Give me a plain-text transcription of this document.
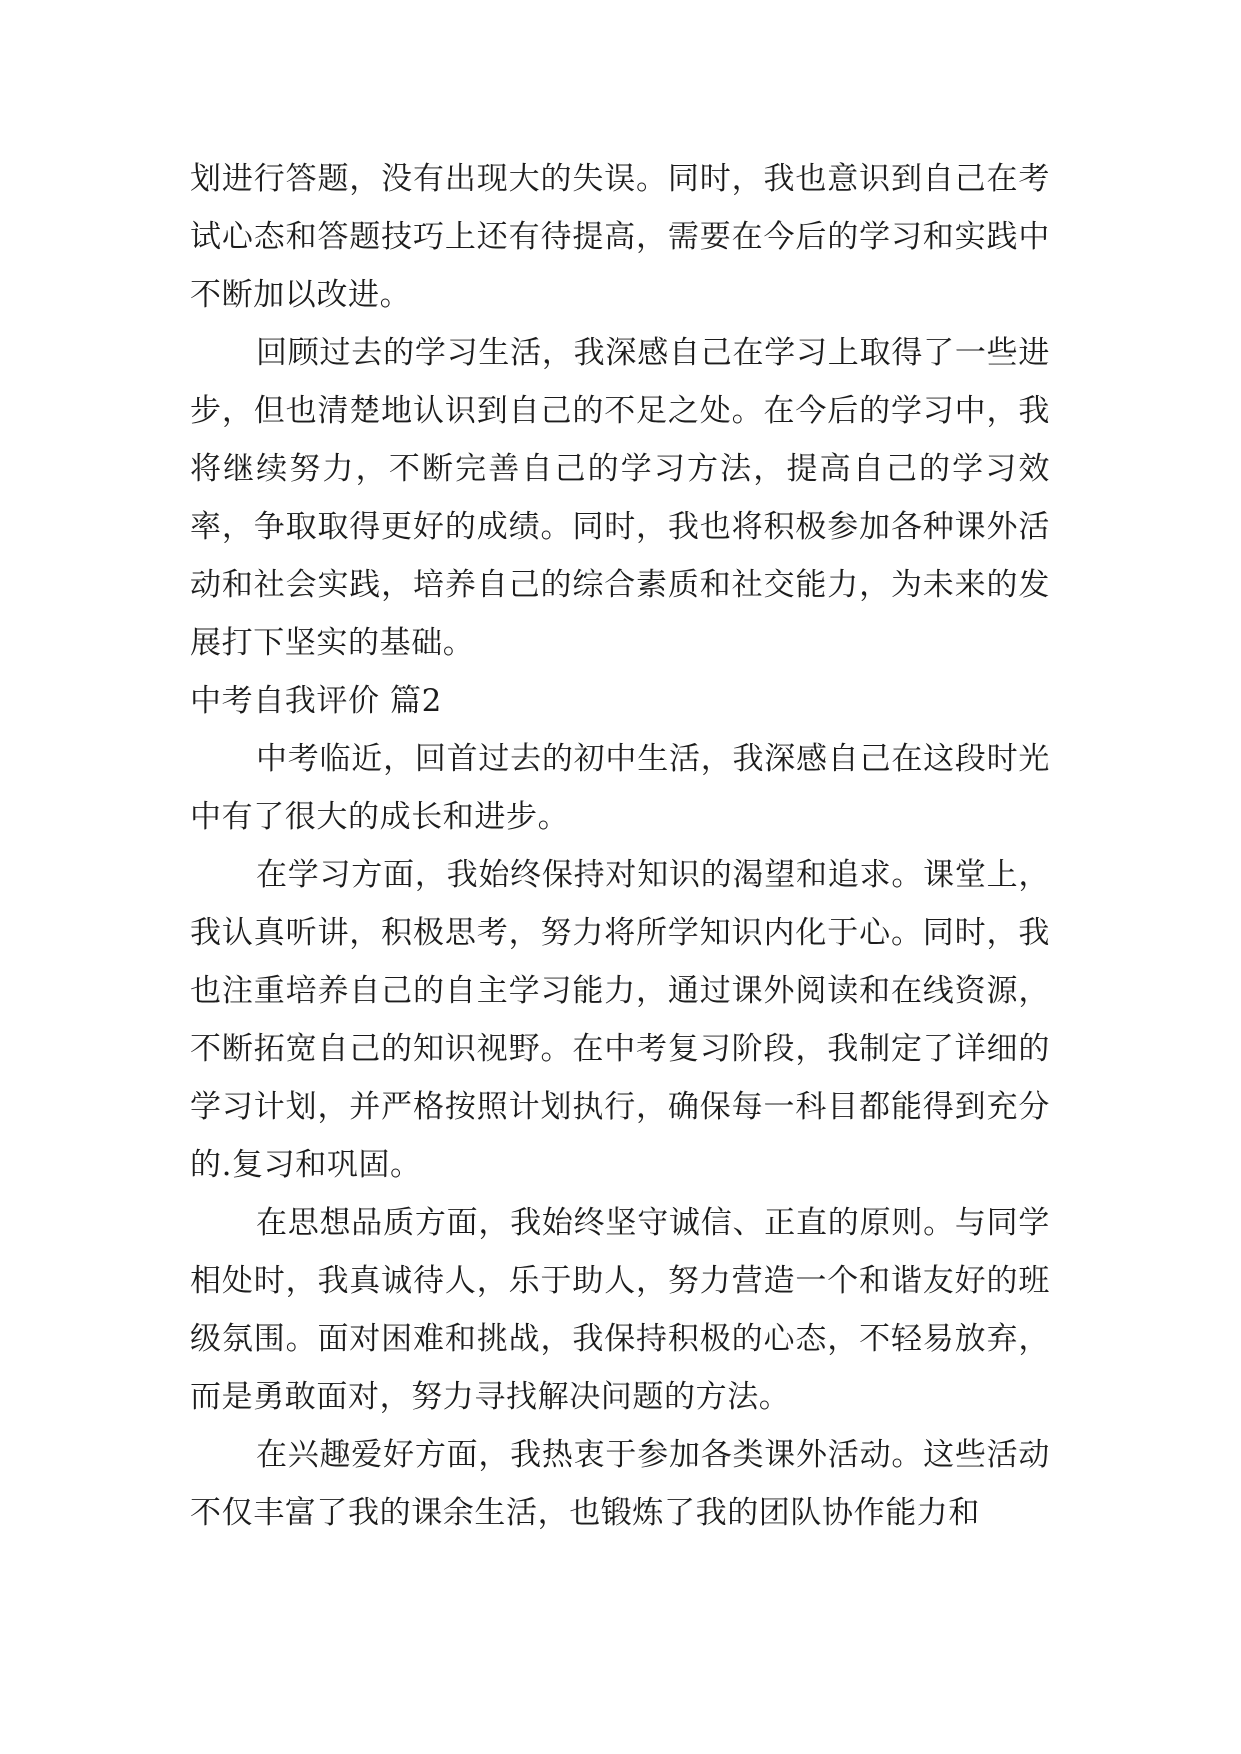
划进行答题，没有出现大的失误。同时，我也意识到自己在考试心态和答题技巧上还有待提高，需要在今后的学习和实践中不断加以改进。

回顾过去的学习生活，我深感自己在学习上取得了一些进步，但也清楚地认识到自己的不足之处。在今后的学习中，我将继续努力，不断完善自己的学习方法，提高自己的学习效率，争取取得更好的成绩。同时，我也将积极参加各种课外活动和社会实践，培养自己的综合素质和社交能力，为未来的发展打下坚实的基础。

中考自我评价 篇2

中考临近，回首过去的初中生活，我深感自己在这段时光中有了很大的成长和进步。

在学习方面，我始终保持对知识的渴望和追求。课堂上，我认真听讲，积极思考，努力将所学知识内化于心。同时，我也注重培养自己的自主学习能力，通过课外阅读和在线资源，不断拓宽自己的知识视野。在中考复习阶段，我制定了详细的学习计划，并严格按照计划执行，确保每一科目都能得到充分的.复习和巩固。

在思想品质方面，我始终坚守诚信、正直的原则。与同学相处时，我真诚待人，乐于助人，努力营造一个和谐友好的班级氛围。面对困难和挑战，我保持积极的心态，不轻易放弃，而是勇敢面对，努力寻找解决问题的方法。

在兴趣爱好方面，我热衷于参加各类课外活动。这些活动不仅丰富了我的课余生活，也锻炼了我的团队协作能力和
